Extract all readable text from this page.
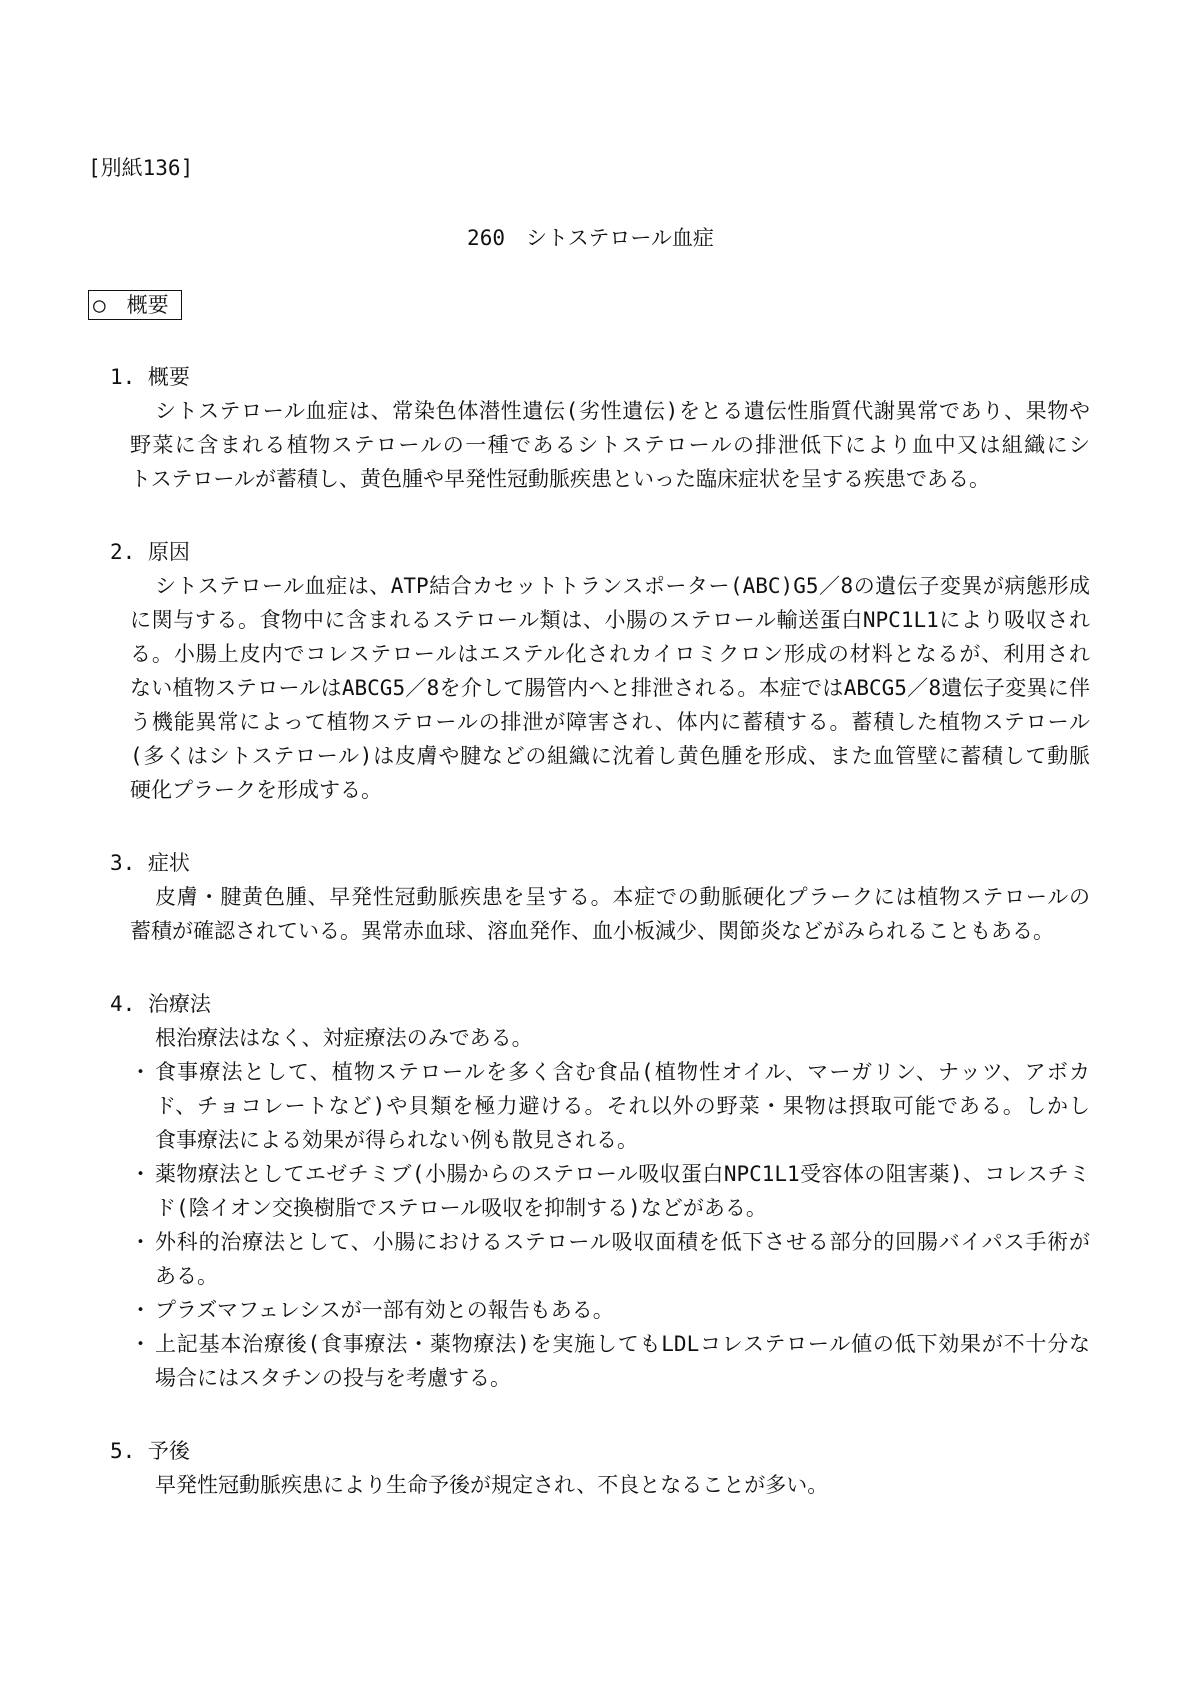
[別紙136]
260　シトステロール血症
○　概要
1. 概要
シトステロール血症は、常染色体潜性遺伝(劣性遺伝)をとる遺伝性脂質代謝異常であり、果物や
野菜に含まれる植物ステロールの一種であるシトステロールの排泄低下により血中又は組織にシ
トステロールが蓄積し、黄色腫や早発性冠動脈疾患といった臨床症状を呈する疾患である。
2. 原因
シトステロール血症は、ATP結合カセットトランスポーター(ABC)G5／8の遺伝子変異が病態形成
に関与する。食物中に含まれるステロール類は、小腸のステロール輸送蛋白NPC1L1により吸収され
る。小腸上皮内でコレステロールはエステル化されカイロミクロン形成の材料となるが、利用され
ない植物ステロールはABCG5／8を介して腸管内へと排泄される。本症ではABCG5／8遺伝子変異に伴
う機能異常によって植物ステロールの排泄が障害され、体内に蓄積する。蓄積した植物ステロール
(多くはシトステロール)は皮膚や腱などの組織に沈着し黄色腫を形成、また血管壁に蓄積して動脈
硬化プラークを形成する。
3. 症状
皮膚・腱黄色腫、早発性冠動脈疾患を呈する。本症での動脈硬化プラークには植物ステロールの
蓄積が確認されている。異常赤血球、溶血発作、血小板減少、関節炎などがみられることもある。
4. 治療法
根治療法はなく、対症療法のみである。
・ 食事療法として、植物ステロールを多く含む食品(植物性オイル、マーガリン、ナッツ、アボカ
ド、チョコレートなど)や貝類を極力避ける。それ以外の野菜・果物は摂取可能である。しかし
食事療法による効果が得られない例も散見される。
・ 薬物療法としてエゼチミブ(小腸からのステロール吸収蛋白NPC1L1受容体の阻害薬)、コレスチミ
ド(陰イオン交換樹脂でステロール吸収を抑制する)などがある。
・ 外科的治療法として、小腸におけるステロール吸収面積を低下させる部分的回腸バイパス手術が
ある。
・ プラズマフェレシスが一部有効との報告もある。
・ 上記基本治療後(食事療法・薬物療法)を実施してもLDLコレステロール値の低下効果が不十分な
場合にはスタチンの投与を考慮する。
5. 予後
早発性冠動脈疾患により生命予後が規定され、不良となることが多い。
